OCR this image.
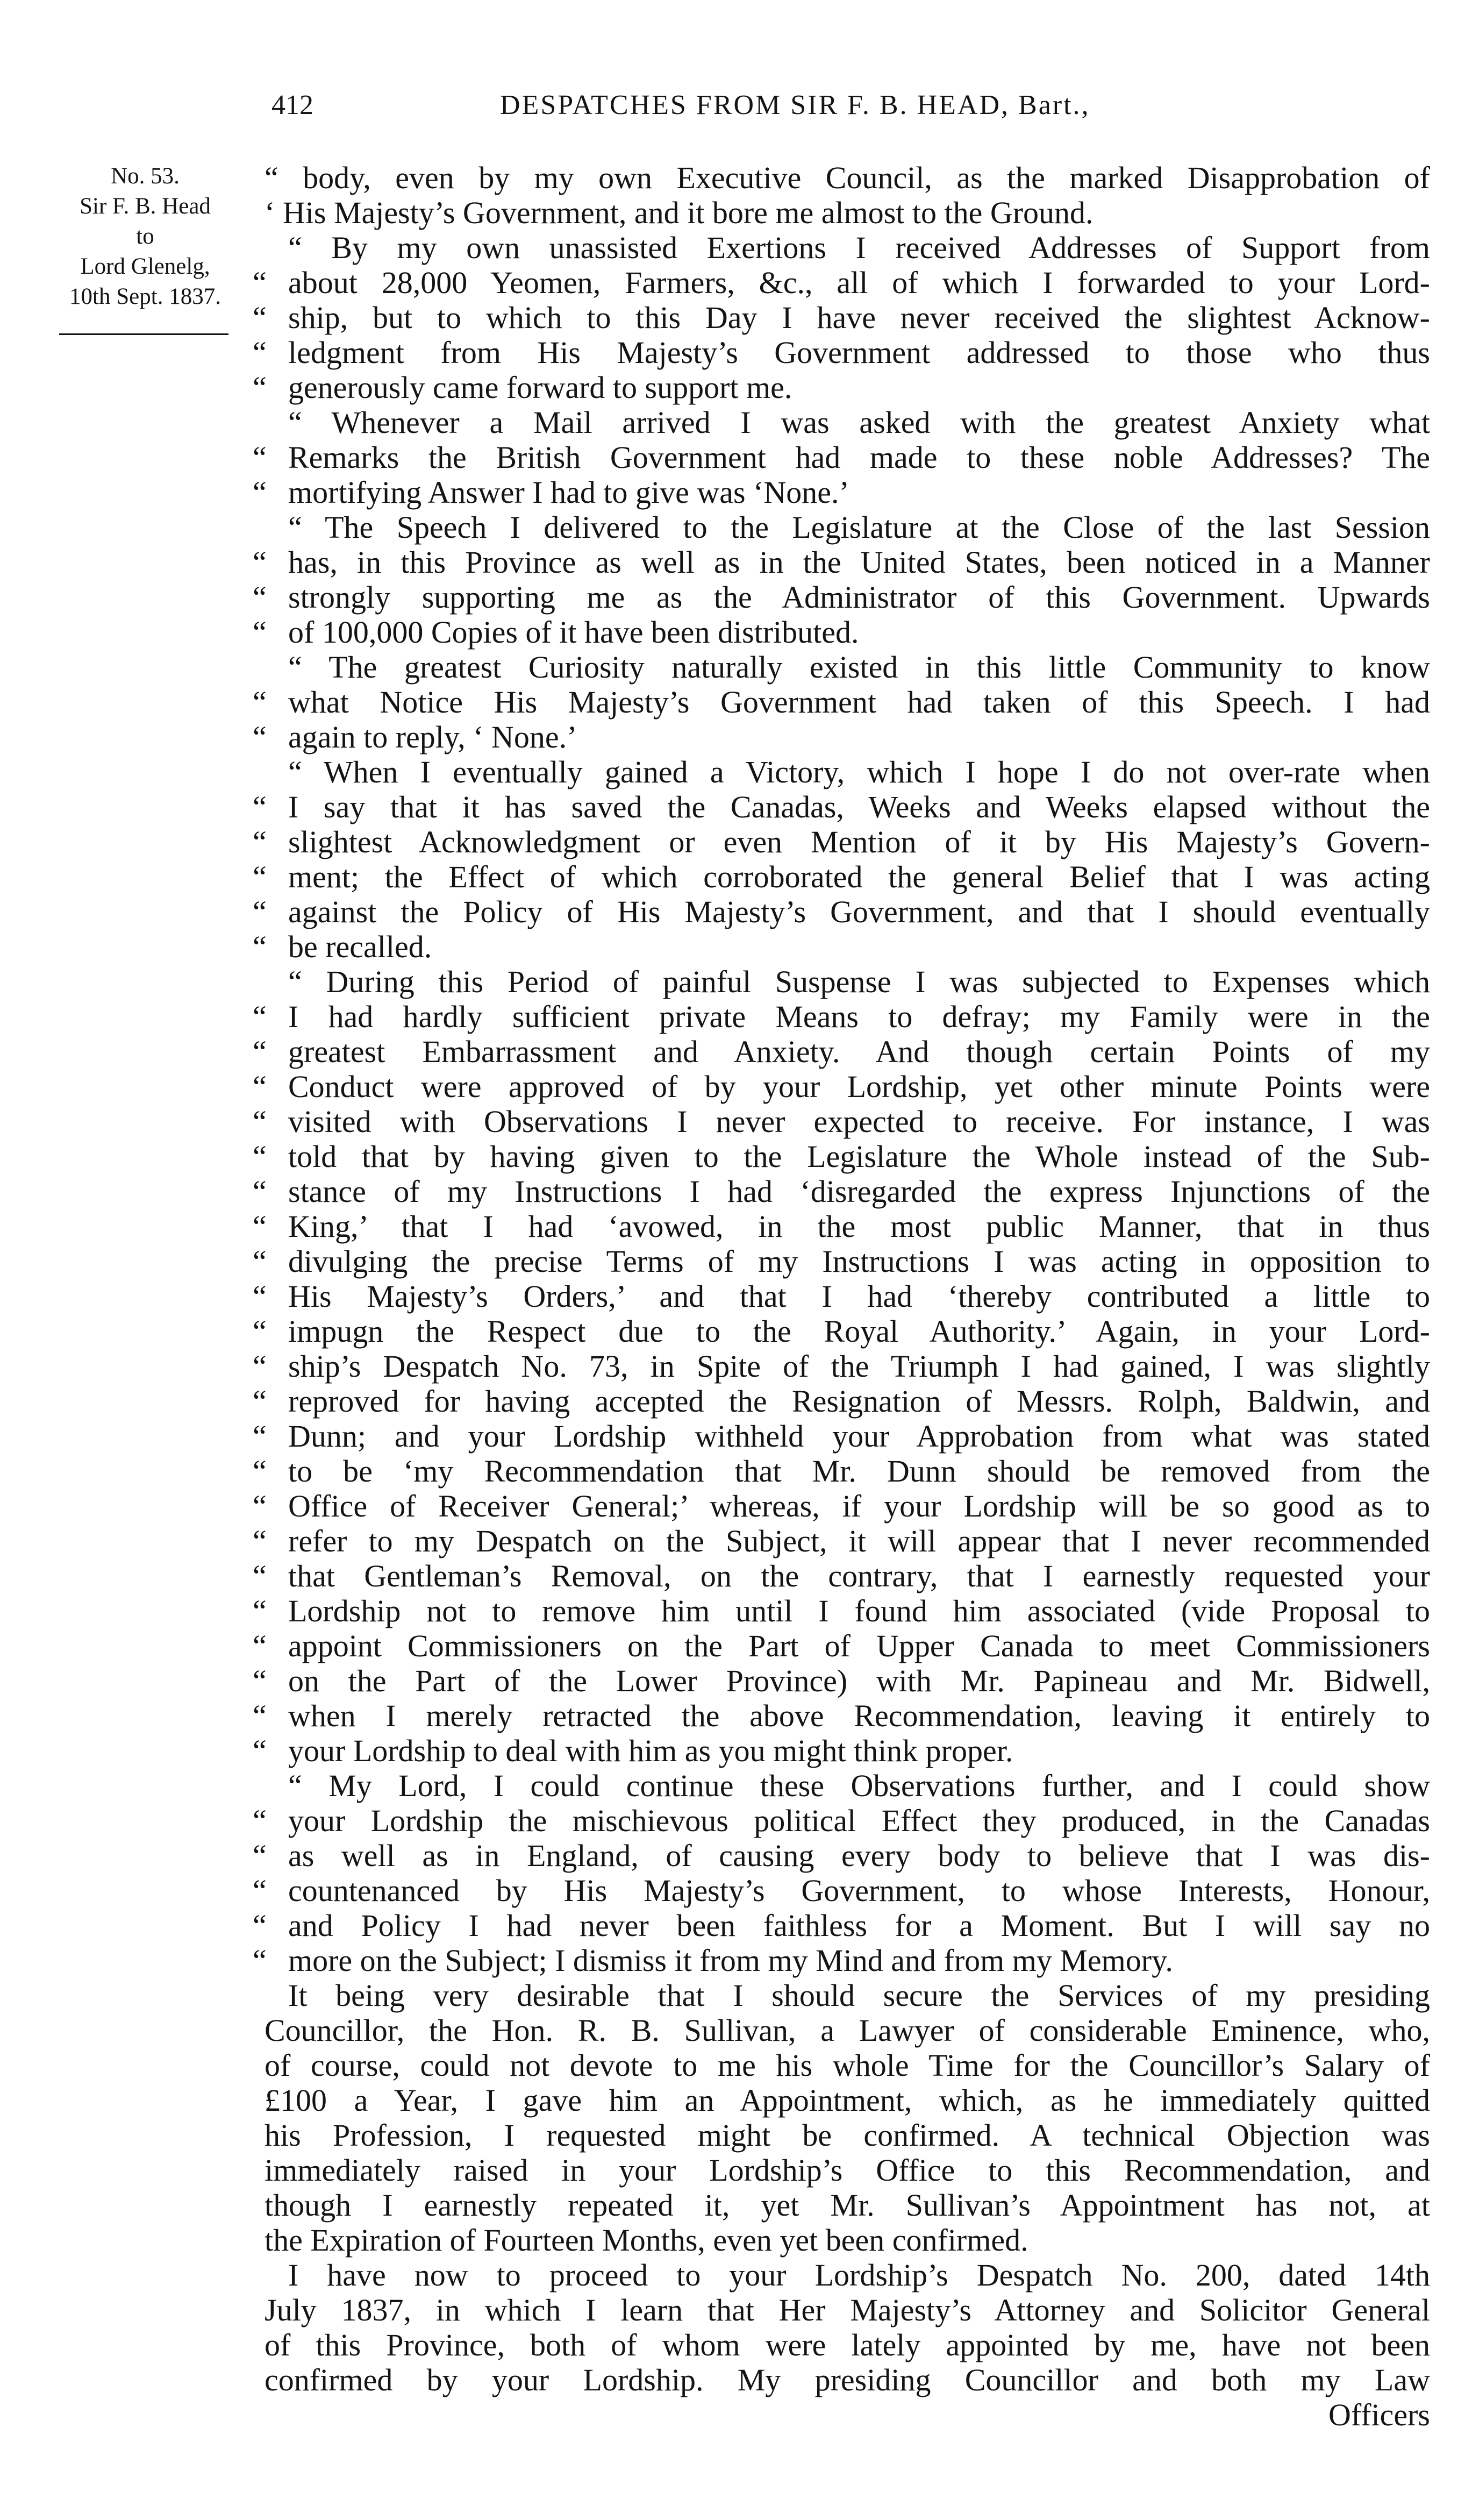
412	DESPATCHES FROM SIR F. B. HEAD, Bart.,
No. 53.
Sir F. B. Head
to
Lord Glenelg,
10th Sept. 1837.
“ body, even by my own Executive Council, as the marked Disapprobation of
‘ His Majesty’s Government, and it bore me almost to the Ground.
“ By my own unassisted Exertions I received Addresses of Support from
“ about 28,000 Yeomen, Farmers, &c., all of which I forwarded to your Lord-
“ ship, but to which to this Day I have never received the slightest Acknow-
“ ledgment from His Majesty’s Government addressed to those who thus
“ generously came forward to support me.
“ Whenever a Mail arrived I was asked with the greatest Anxiety what
“ Remarks the British Government had made to these noble Addresses? The
“ mortifying Answer I had to give was ‘None.’
“ The Speech I delivered to the Legislature at the Close of the last Session
“ has, in this Province as well as in the United States, been noticed in a Manner
“ strongly supporting me as the Administrator of this Government. Upwards
“ of 100,000 Copies of it have been distributed.
“ The greatest Curiosity naturally existed in this little Community to know
“ what Notice His Majesty’s Government had taken of this Speech. I had
“ again to reply, ‘ None.’
“ When I eventually gained a Victory, which I hope I do not over-rate when
“ I say that it has saved the Canadas, Weeks and Weeks elapsed without the
“ slightest Acknowledgment or even Mention of it by His Majesty’s Govern-
“ ment; the Effect of which corroborated the general Belief that I was acting
“ against the Policy of His Majesty’s Government, and that I should eventually
“ be recalled.
“ During this Period of painful Suspense I was subjected to Expenses which
“ I had hardly sufficient private Means to defray; my Family were in the
“ greatest Embarrassment and Anxiety. And though certain Points of my
“ Conduct were approved of by your Lordship, yet other minute Points were
“ visited with Observations I never expected to receive. For instance, I was
“ told that by having given to the Legislature the Whole instead of the Sub-
“ stance of my Instructions I had ‘disregarded the express Injunctions of the
“ King,’ that I had ‘avowed, in the most public Manner, that in thus
“ divulging the precise Terms of my Instructions I was acting in opposition to
“ His Majesty’s Orders,’ and that I had ‘thereby contributed a little to
“ impugn the Respect due to the Royal Authority.’ Again, in your Lord-
“ ship’s Despatch No. 73, in Spite of the Triumph I had gained, I was slightly
“ reproved for having accepted the Resignation of Messrs. Rolph, Baldwin, and
“ Dunn; and your Lordship withheld your Approbation from what was stated
“ to be ‘my Recommendation that Mr. Dunn should be removed from the
“ Office of Receiver General;’ whereas, if your Lordship will be so good as to
“ refer to my Despatch on the Subject, it will appear that I never recommended
“ that Gentleman’s Removal, on the contrary, that I earnestly requested your
“ Lordship not to remove him until I found him associated (vide Proposal to
“ appoint Commissioners on the Part of Upper Canada to meet Commissioners
“ on the Part of the Lower Province) with Mr. Papineau and Mr. Bidwell,
“ when I merely retracted the above Recommendation, leaving it entirely to
“ your Lordship to deal with him as you might think proper.
“ My Lord, I could continue these Observations further, and I could show
“ your Lordship the mischievous political Effect they produced, in the Canadas
“ as well as in England, of causing every body to believe that I was dis-
“ countenanced by His Majesty’s Government, to whose Interests, Honour,
“ and Policy I had never been faithless for a Moment. But I will say no
“ more on the Subject; I dismiss it from my Mind and from my Memory.
It being very desirable that I should secure the Services of my presiding
Councillor, the Hon. R. B. Sullivan, a Lawyer of considerable Eminence, who,
of course, could not devote to me his whole Time for the Councillor’s Salary of
£100 a Year, I gave him an Appointment, which, as he immediately quitted
his Profession, I requested might be confirmed. A technical Objection was
immediately raised in your Lordship’s Office to this Recommendation, and
though I earnestly repeated it, yet Mr. Sullivan’s Appointment has not, at
the Expiration of Fourteen Months, even yet been confirmed.
I have now to proceed to your Lordship’s Despatch No. 200, dated 14th
July 1837, in which I learn that Her Majesty’s Attorney and Solicitor General
of this Province, both of whom were lately appointed by me, have not been
confirmed by your Lordship. My presiding Councillor and both my Law
Officers
